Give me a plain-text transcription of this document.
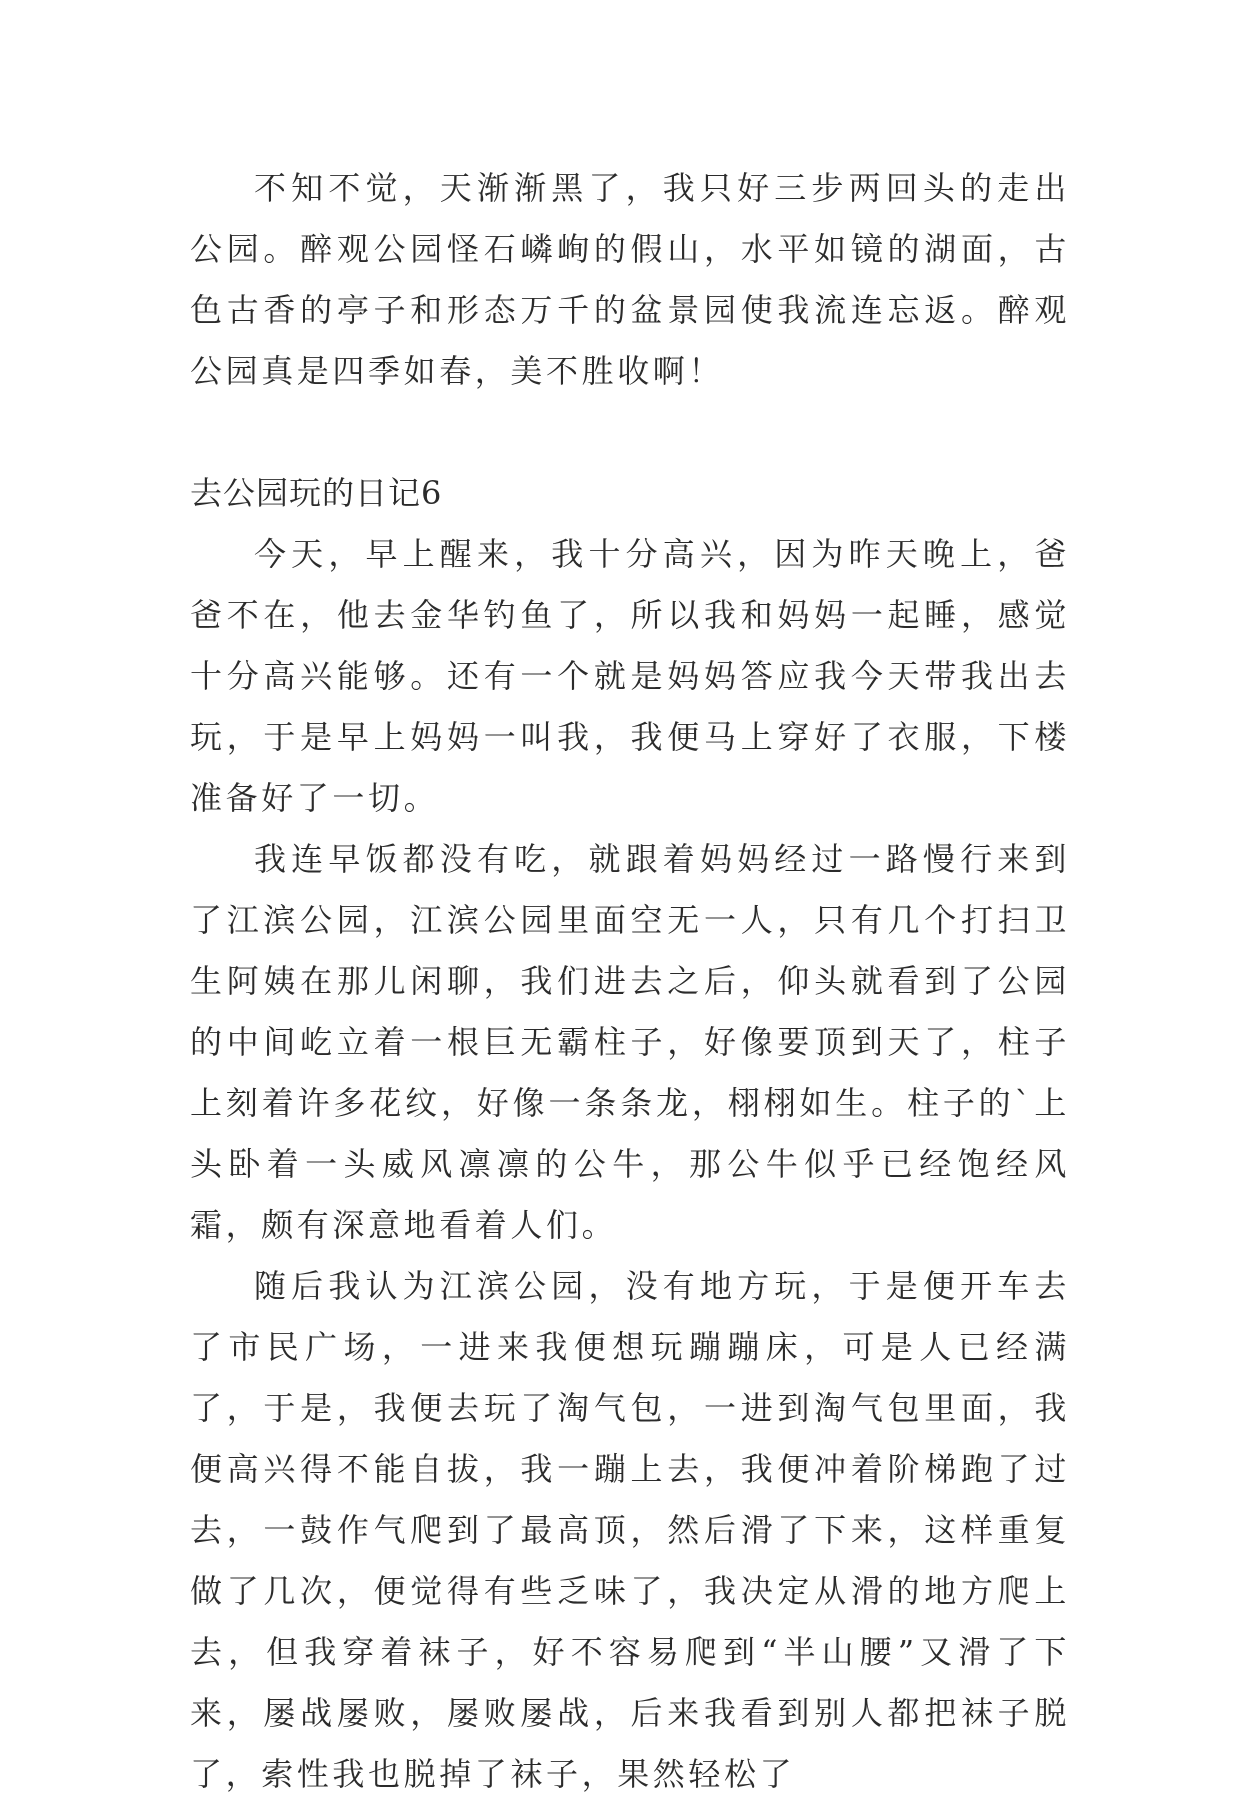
不知不觉，天渐渐黑了，我只好三步两回头的走出公园。醉观公园怪石嶙峋的假山，水平如镜的湖面，古色古香的亭子和形态万千的盆景园使我流连忘返。醉观公园真是四季如春，美不胜收啊！

去公园玩的日记6

今天，早上醒来，我十分高兴，因为昨天晚上，爸爸不在，他去金华钓鱼了，所以我和妈妈一起睡，感觉十分高兴能够。还有一个就是妈妈答应我今天带我出去玩，于是早上妈妈一叫我，我便马上穿好了衣服，下楼准备好了一切。

我连早饭都没有吃，就跟着妈妈经过一路慢行来到了江滨公园，江滨公园里面空无一人，只有几个打扫卫生阿姨在那儿闲聊，我们进去之后，仰头就看到了公园的中间屹立着一根巨无霸柱子，好像要顶到天了，柱子上刻着许多花纹，好像一条条龙，栩栩如生。柱子的`上头卧着一头威风凛凛的公牛，那公牛似乎已经饱经风霜，颇有深意地看着人们。

随后我认为江滨公园，没有地方玩，于是便开车去了市民广场，一进来我便想玩蹦蹦床，可是人已经满了，于是，我便去玩了淘气包，一进到淘气包里面，我便高兴得不能自拔，我一蹦上去，我便冲着阶梯跑了过去，一鼓作气爬到了最高顶，然后滑了下来，这样重复做了几次，便觉得有些乏味了，我决定从滑的地方爬上去，但我穿着袜子，好不容易爬到“半山腰”又滑了下来，屡战屡败，屡败屡战，后来我看到别人都把袜子脱了，索性我也脱掉了袜子，果然轻松了
